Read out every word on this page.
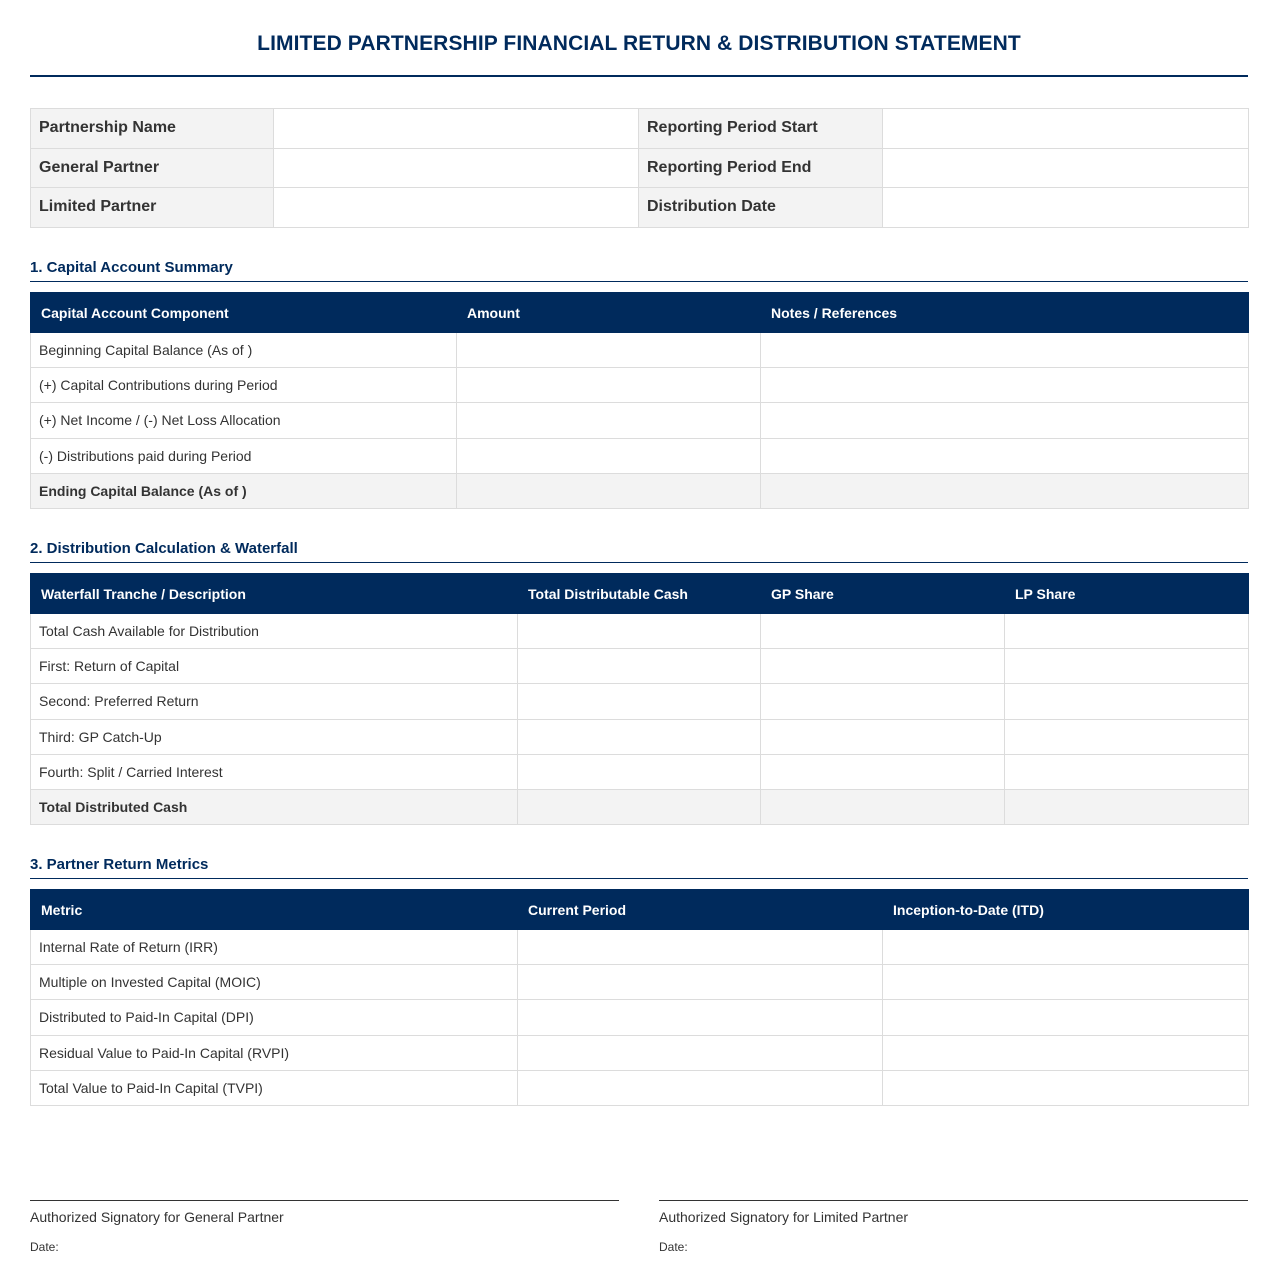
LIMITED PARTNERSHIP FINANCIAL RETURN & DISTRIBUTION STATEMENT
Partnership Name		Reporting Period Start	
General Partner		Reporting Period End	
Limited Partner		Distribution Date	
1. Capital Account Summary
Capital Account Component	Amount	Notes / References
Beginning Capital Balance (As of )		
(+) Capital Contributions during Period		
(+) Net Income / (-) Net Loss Allocation		
(-) Distributions paid during Period		
Ending Capital Balance (As of )		
2. Distribution Calculation & Waterfall
Waterfall Tranche / Description	Total Distributable Cash	GP Share	LP Share
Total Cash Available for Distribution			
First: Return of Capital			
Second: Preferred Return			
Third: GP Catch-Up			
Fourth: Split / Carried Interest			
Total Distributed Cash			
3. Partner Return Metrics
Metric	Current Period	Inception-to-Date (ITD)
Internal Rate of Return (IRR)		
Multiple on Invested Capital (MOIC)		
Distributed to Paid-In Capital (DPI)		
Residual Value to Paid-In Capital (RVPI)		
Total Value to Paid-In Capital (TVPI)		
Authorized Signatory for General Partner
Date:
Authorized Signatory for Limited Partner
Date:
